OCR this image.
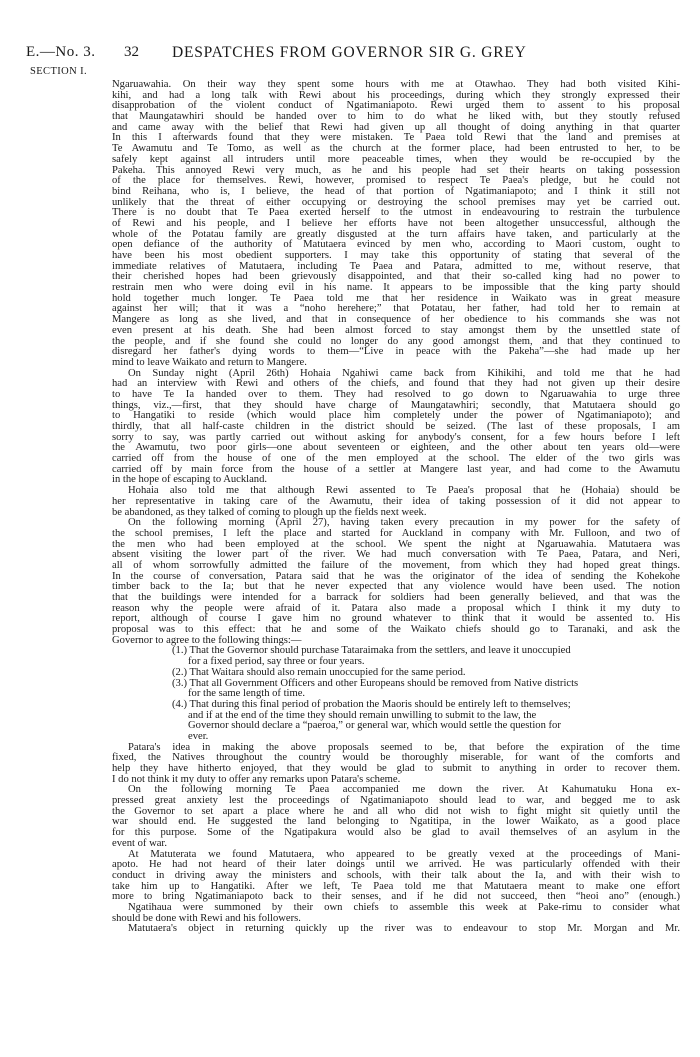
E.—No. 3. 32 DESPATCHES FROM GOVERNOR SIR G. GREY
SECTION I.
Ngaruawahia. On their way they spent some hours with me at Otawhao. They had both visited Kihi-
kihi, and had a long talk with Rewi about his proceedings, during which they strongly expressed their
disapprobation of the violent conduct of Ngatimaniapoto. Rewi urged them to assent to his proposal
that Maungatawhiri should be handed over to him to do what he liked with, but they stoutly refused
and came away with the belief that Rewi had given up all thought of doing anything in that quarter
In this I afterwards found that they were mistaken. Te Paea told Rewi that the land and premises at
Te Awamutu and Te Tomo, as well as the church at the former place, had been entrusted to her, to be
safely kept against all intruders until more peaceable times, when they would be re-occupied by the
Pakeha. This annoyed Rewi very much, as he and his people had set their hearts on taking possession
of the place for themselves. Rewi, however, promised to respect Te Paea's pledge, but he could not
bind Reihana, who is, I believe, the head of that portion of Ngatimaniapoto; and I think it still not
unlikely that the threat of either occupying or destroying the school premises may yet be carried out.
There is no doubt that Te Paea exerted herself to the utmost in endeavouring to restrain the turbulence
of Rewi and his people, and I believe her efforts have not been altogether unsuccessful, although the
whole of the Potatau family are greatly disgusted at the turn affairs have taken, and particularly at the
open defiance of the authority of Matutaera evinced by men who, according to Maori custom, ought to
have been his most obedient supporters. I may take this opportunity of stating that several of the
immediate relatives of Matutaera, including Te Paea and Patara, admitted to me, without reserve, that
their cherished hopes had been grievously disappointed, and that their so-called king had no power to
restrain men who were doing evil in his name. It appears to be impossible that the king party should
hold together much longer. Te Paea told me that her residence in Waikato was in great measure
against her will; that it was a “noho herehere;” that Potatau, her father, had told her to remain at
Mangere as long as she lived, and that in consequence of her obedience to his commands she was not
even present at his death. She had been almost forced to stay amongst them by the unsettled state of
the people, and if she found she could no longer do any good amongst them, and that they continued to
disregard her father's dying words to them—“Live in peace with the Pakeha”—she had made up her
mind to leave Waikato and return to Mangere.
On Sunday night (April 26th) Hohaia Ngahiwi came back from Kihikihi, and told me that he had
had an interview with Rewi and others of the chiefs, and found that they had not given up their desire
to have Te Ia handed over to them. They had resolved to go down to Ngaruawahia to urge three
things, viz.,—first, that they should have charge of Maungatawhiri; secondly, that Matutaera should go
to Hangatiki to reside (which would place him completely under the power of Ngatimaniapoto); and
thirdly, that all half-caste children in the district should be seized. (The last of these proposals, I am
sorry to say, was partly carried out without asking for anybody's consent, for a few hours before I left
the Awamutu, two poor girls—one about seventeen or eighteen, and the other about ten years old—were
carried off from the house of one of the men employed at the school. The elder of the two girls was
carried off by main force from the house of a settler at Mangere last year, and had come to the Awamutu
in the hope of escaping to Auckland.
Hohaia also told me that although Rewi assented to Te Paea's proposal that he (Hohaia) should be
her representative in taking care of the Awamutu, their idea of taking possession of it did not appear to
be abandoned, as they talked of coming to plough up the fields next week.
On the following morning (April 27), having taken every precaution in my power for the safety of
the school premises, I left the place and started for Auckland in company with Mr. Fulloon, and two of
the men who had been employed at the school. We spent the night at Ngaruawahia. Matutaera was
absent visiting the lower part of the river. We had much conversation with Te Paea, Patara, and Neri,
all of whom sorrowfully admitted the failure of the movement, from which they had hoped great things.
In the course of conversation, Patara said that he was the originator of the idea of sending the Kohekohe
timber back to the Ia; but that he never expected that any violence would have been used. The notion
that the buildings were intended for a barrack for soldiers had been generally believed, and that was the
reason why the people were afraid of it. Patara also made a proposal which I think it my duty to
report, although of course I gave him no ground whatever to think that it would be assented to. His
proposal was to this effect: that he and some of the Waikato chiefs should go to Taranaki, and ask the
Governor to agree to the following things:—
(1.) That the Governor should purchase Tataraimaka from the settlers, and leave it unoccupied
for a fixed period, say three or four years.
(2.) That Waitara should also remain unoccupied for the same period.
(3.) That all Government Officers and other Europeans should be removed from Native districts
for the same length of time.
(4.) That during this final period of probation the Maoris should be entirely left to themselves;
and if at the end of the time they should remain unwilling to submit to the law, the
Governor should declare a “paeroa,” or general war, which would settle the question for
ever.
Patara's idea in making the above proposals seemed to be, that before the expiration of the time
fixed, the Natives throughout the country would be thoroughly miserable, for want of the comforts and
help they have hitherto enjoyed, that they would be glad to submit to anything in order to recover them.
I do not think it my duty to offer any remarks upon Patara's scheme.
On the following morning Te Paea accompanied me down the river. At Kahumatuku Hona ex-
pressed great anxiety lest the proceedings of Ngatimaniapoto should lead to war, and begged me to ask
the Governor to set apart a place where he and all who did not wish to fight might sit quietly until the
war should end. He suggested the land belonging to Ngatitipa, in the lower Waikato, as a good place
for this purpose. Some of the Ngatipakura would also be glad to avail themselves of an asylum in the
event of war.
At Matuterata we found Matutaera, who appeared to be greatly vexed at the proceedings of Mani-
apoto. He had not heard of their later doings until we arrived. He was particularly offended with their
conduct in driving away the ministers and schools, with their talk about the Ia, and with their wish to
take him up to Hangatiki. After we left, Te Paea told me that Matutaera meant to make one effort
more to bring Ngatimaniapoto back to their senses, and if he did not succeed, then “heoi ano” (enough.)
Ngatihaua were summoned by their own chiefs to assemble this week at Pake-rimu to consider what
should be done with Rewi and his followers.
Matutaera's object in returning quickly up the river was to endeavour to stop Mr. Morgan and Mr.
